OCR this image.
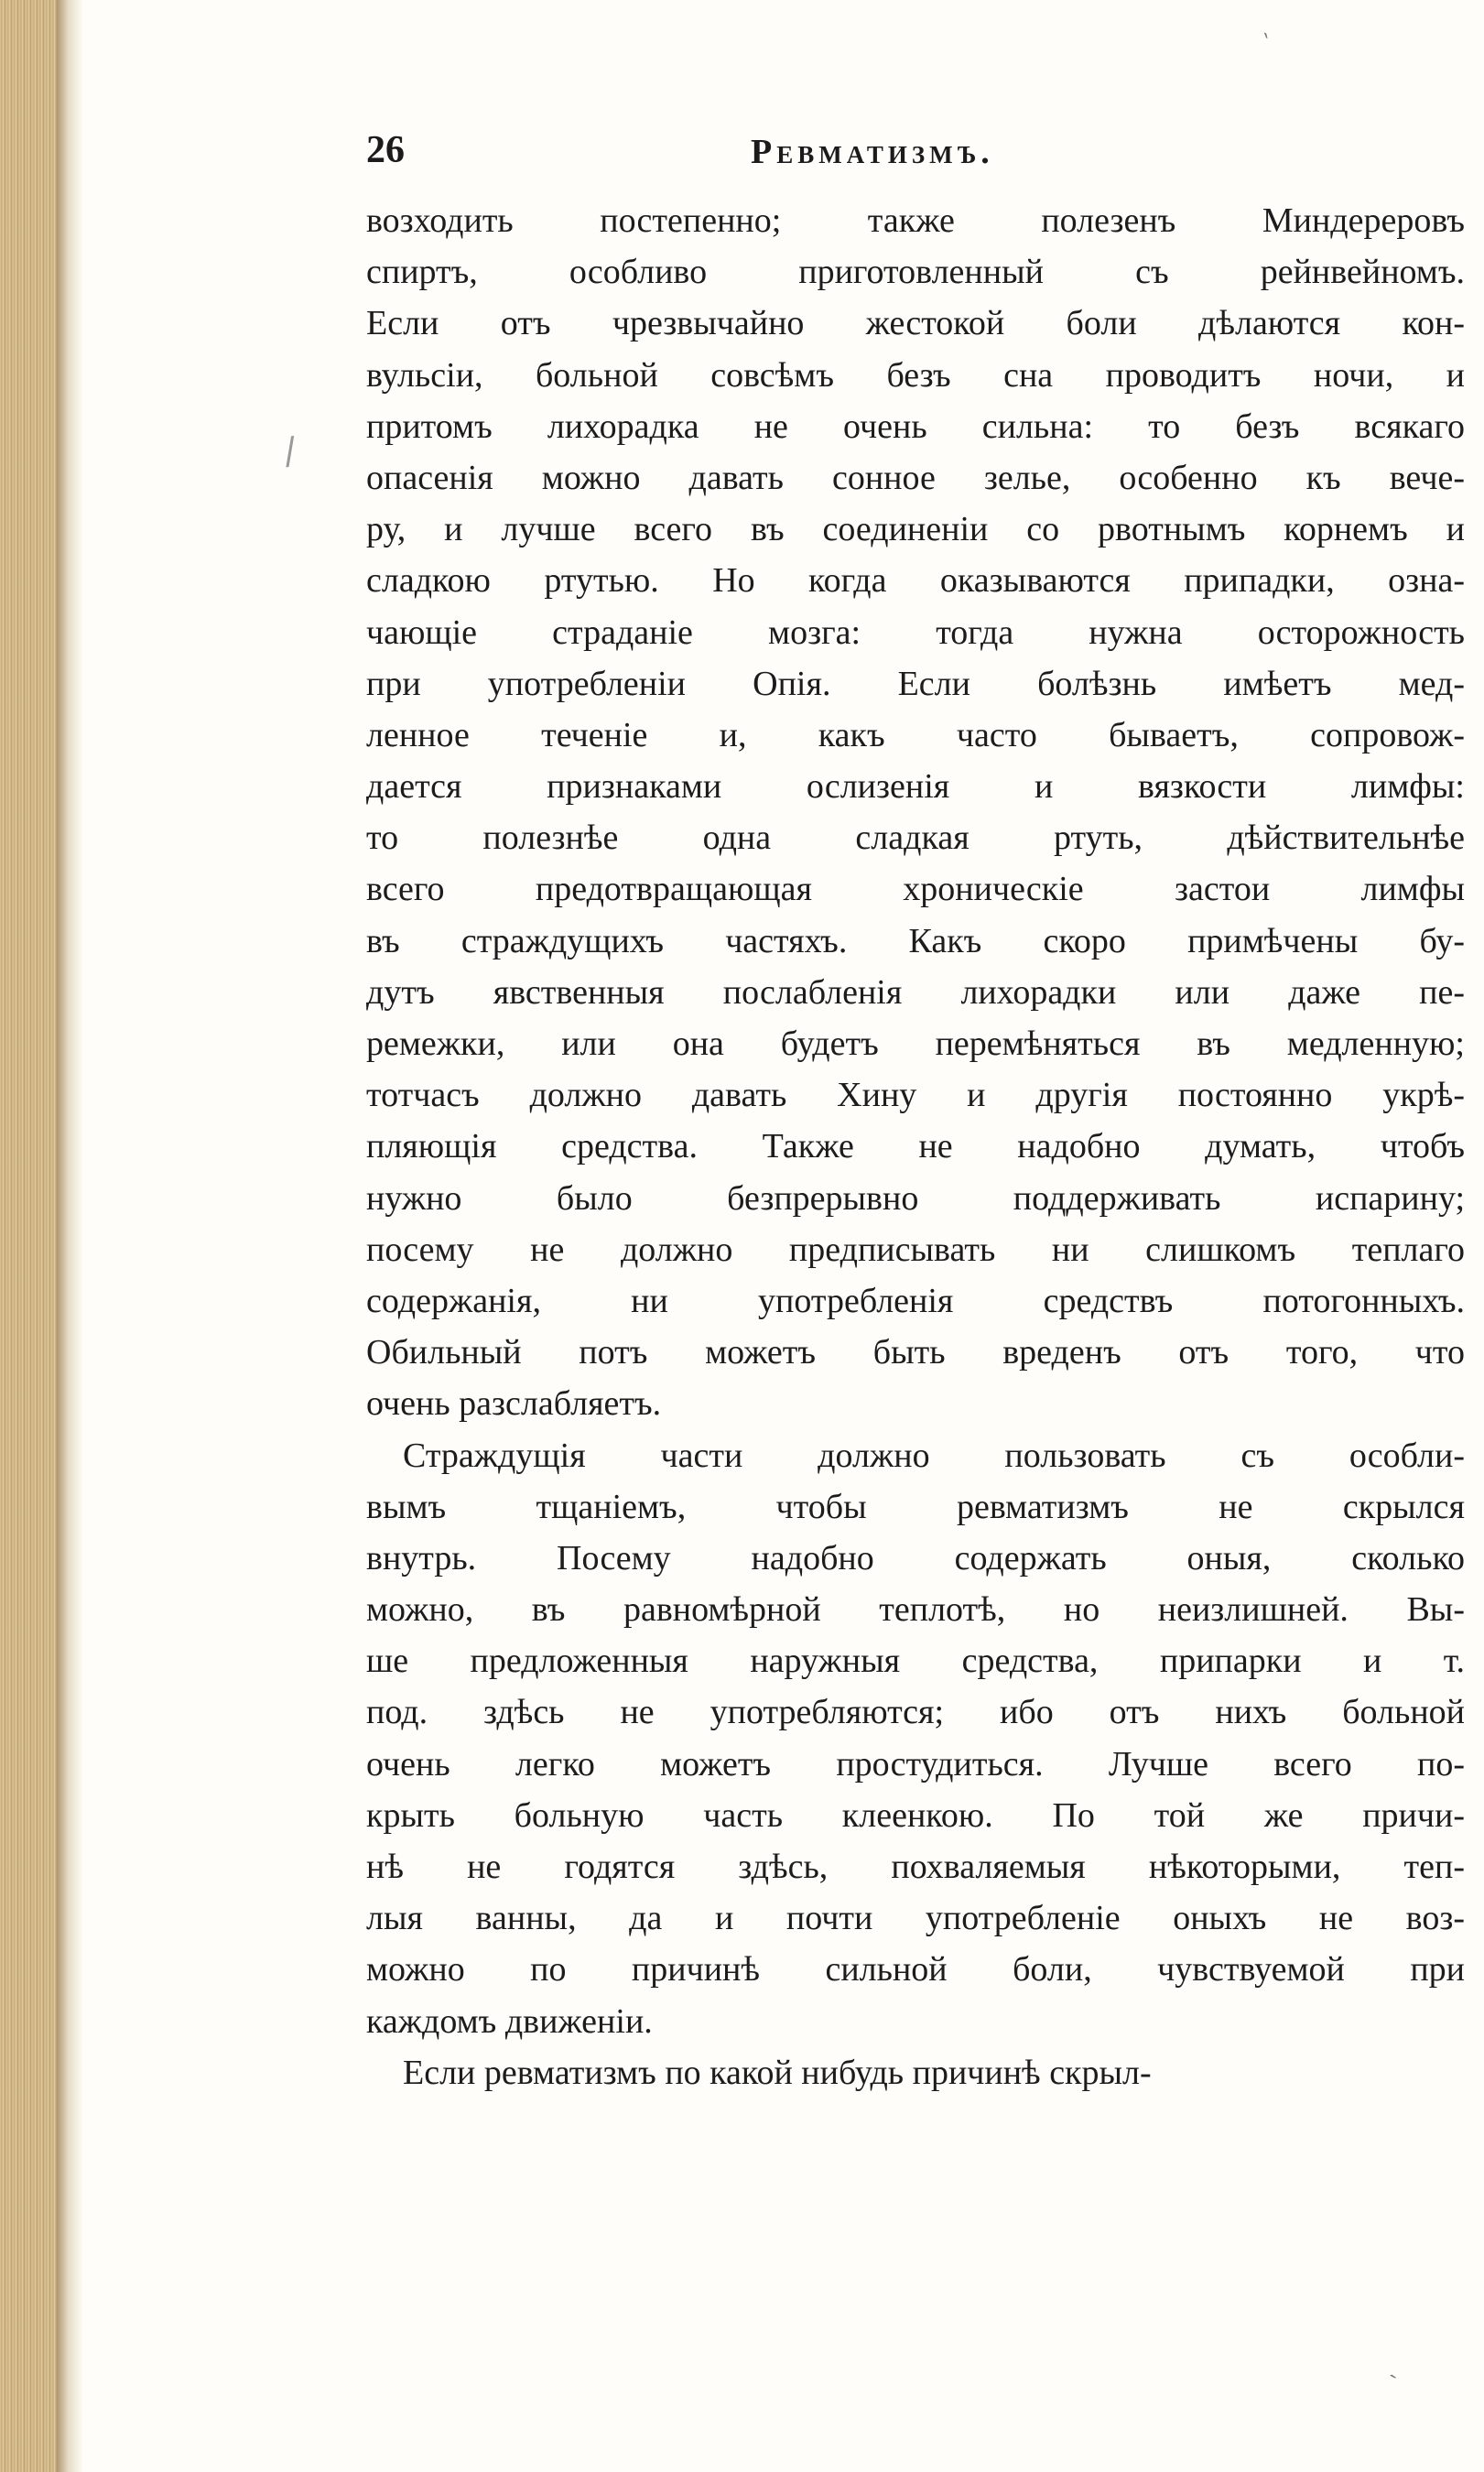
ˋ
/
ˋ
26	Ревматизмъ.
возходить постепенно; также полезенъ Миндереровъ
спиртъ, особливо приготовленный съ рейнвейномъ.
Если отъ чрезвычайно жестокой боли дѣлаются кон-
вульсіи, больной совсѣмъ безъ сна проводитъ ночи, и
притомъ лихорадка не очень сильна: то безъ всякаго
опасенія можно давать сонное зелье, особенно къ вече-
ру, и лучше всего въ соединеніи со рвотнымъ корнемъ и
сладкою ртутью. Но когда оказываются припадки, озна-
чающіе страданіе мозга: тогда нужна осторожность
при употребленіи Опія. Если болѣзнь имѣетъ мед-
ленное теченіе и, какъ часто бываетъ, сопровож-
дается признаками ослизенія и вязкости лимфы:
то полезнѣе одна сладкая ртуть, дѣйствительнѣе
всего предотвращающая хроническіе застои лимфы
въ страждущихъ частяхъ. Какъ скоро примѣчены бу-
дутъ явственныя послабленія лихорадки или даже пе-
ремежки, или она будетъ перемѣняться въ медленную;
тотчасъ должно давать Хину и другія постоянно укрѣ-
пляющія средства. Также не надобно думать, чтобъ
нужно было безпрерывно поддерживать испарину;
посему не должно предписывать ни слишкомъ теплаго
содержанія, ни употребленія средствъ потогонныхъ.
Обильный потъ можетъ быть вреденъ отъ того, что
очень разслабляетъ.
Страждущія части должно пользовать съ особли-
вымъ тщаніемъ, чтобы ревматизмъ не скрылся
внутрь. Посему надобно содержать оныя, сколько
можно, въ равномѣрной теплотѣ, но неизлишней. Вы-
ше предложенныя наружныя средства, припарки и т.
под. здѣсь не употребляются; ибо отъ нихъ больной
очень легко можетъ простудиться. Лучше всего по-
крыть больную часть клеенкою. По той же причи-
нѣ не годятся здѣсь, похваляемыя нѣкоторыми, теп-
лыя ванны, да и почти употребленіе оныхъ не воз-
можно по причинѣ сильной боли, чувствуемой при
каждомъ движеніи.
Если ревматизмъ по какой нибудь причинѣ скрыл-
